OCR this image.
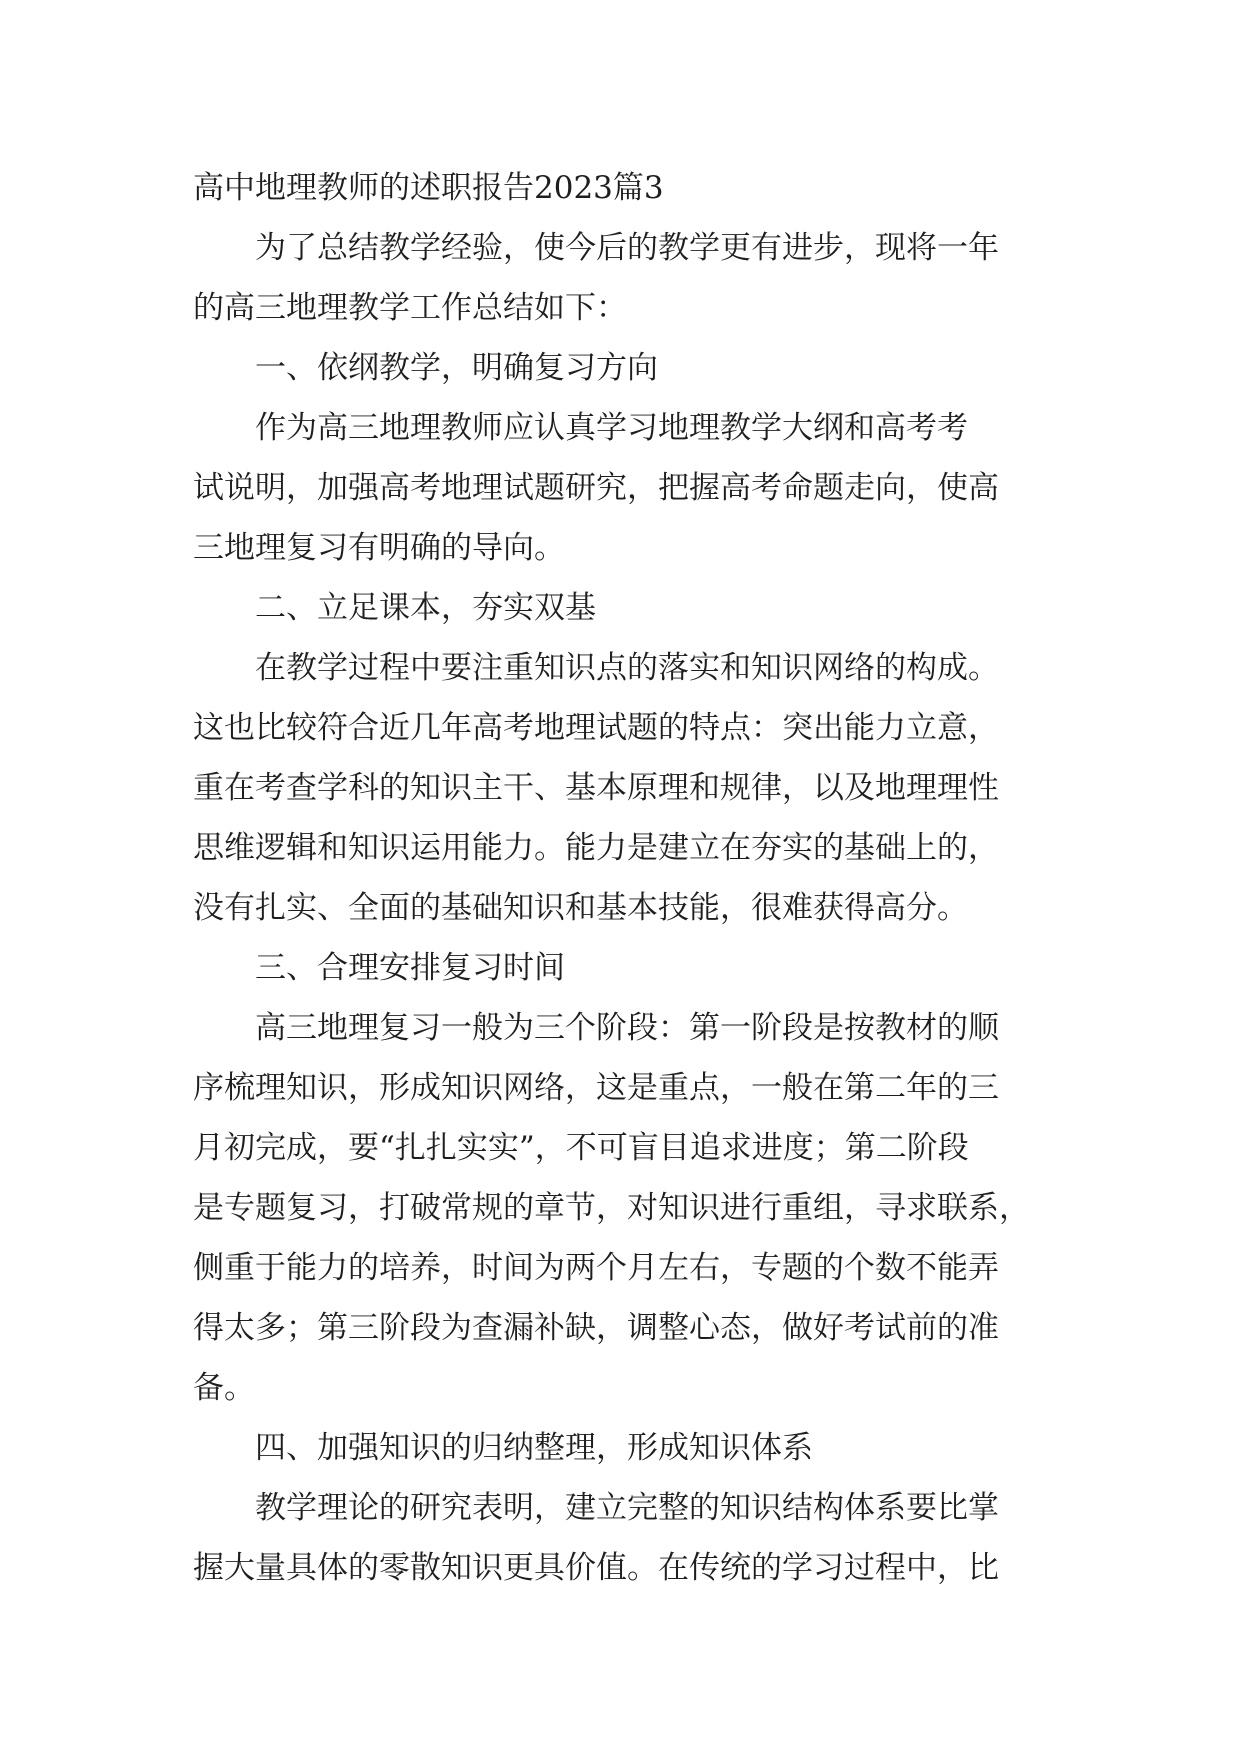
高中地理教师的述职报告2023篇3
为了总结教学经验，使今后的教学更有进步，现将一年
的高三地理教学工作总结如下：
一、依纲教学，明确复习方向
作为高三地理教师应认真学习地理教学大纲和高考考
试说明，加强高考地理试题研究，把握高考命题走向，使高
三地理复习有明确的导向。
二、立足课本，夯实双基
在教学过程中要注重知识点的落实和知识网络的构成。
这也比较符合近几年高考地理试题的特点：突出能力立意，
重在考查学科的知识主干、基本原理和规律，以及地理理性
思维逻辑和知识运用能力。能力是建立在夯实的基础上的，
没有扎实、全面的基础知识和基本技能，很难获得高分。
三、合理安排复习时间
高三地理复习一般为三个阶段：第一阶段是按教材的顺
序梳理知识，形成知识网络，这是重点，一般在第二年的三
月初完成，要“扎扎实实”，不可盲目追求进度；第二阶段
是专题复习，打破常规的章节，对知识进行重组，寻求联系，
侧重于能力的培养，时间为两个月左右，专题的个数不能弄
得太多；第三阶段为查漏补缺，调整心态，做好考试前的准
备。
四、加强知识的归纳整理，形成知识体系
教学理论的研究表明，建立完整的知识结构体系要比掌
握大量具体的零散知识更具价值。在传统的学习过程中，比
